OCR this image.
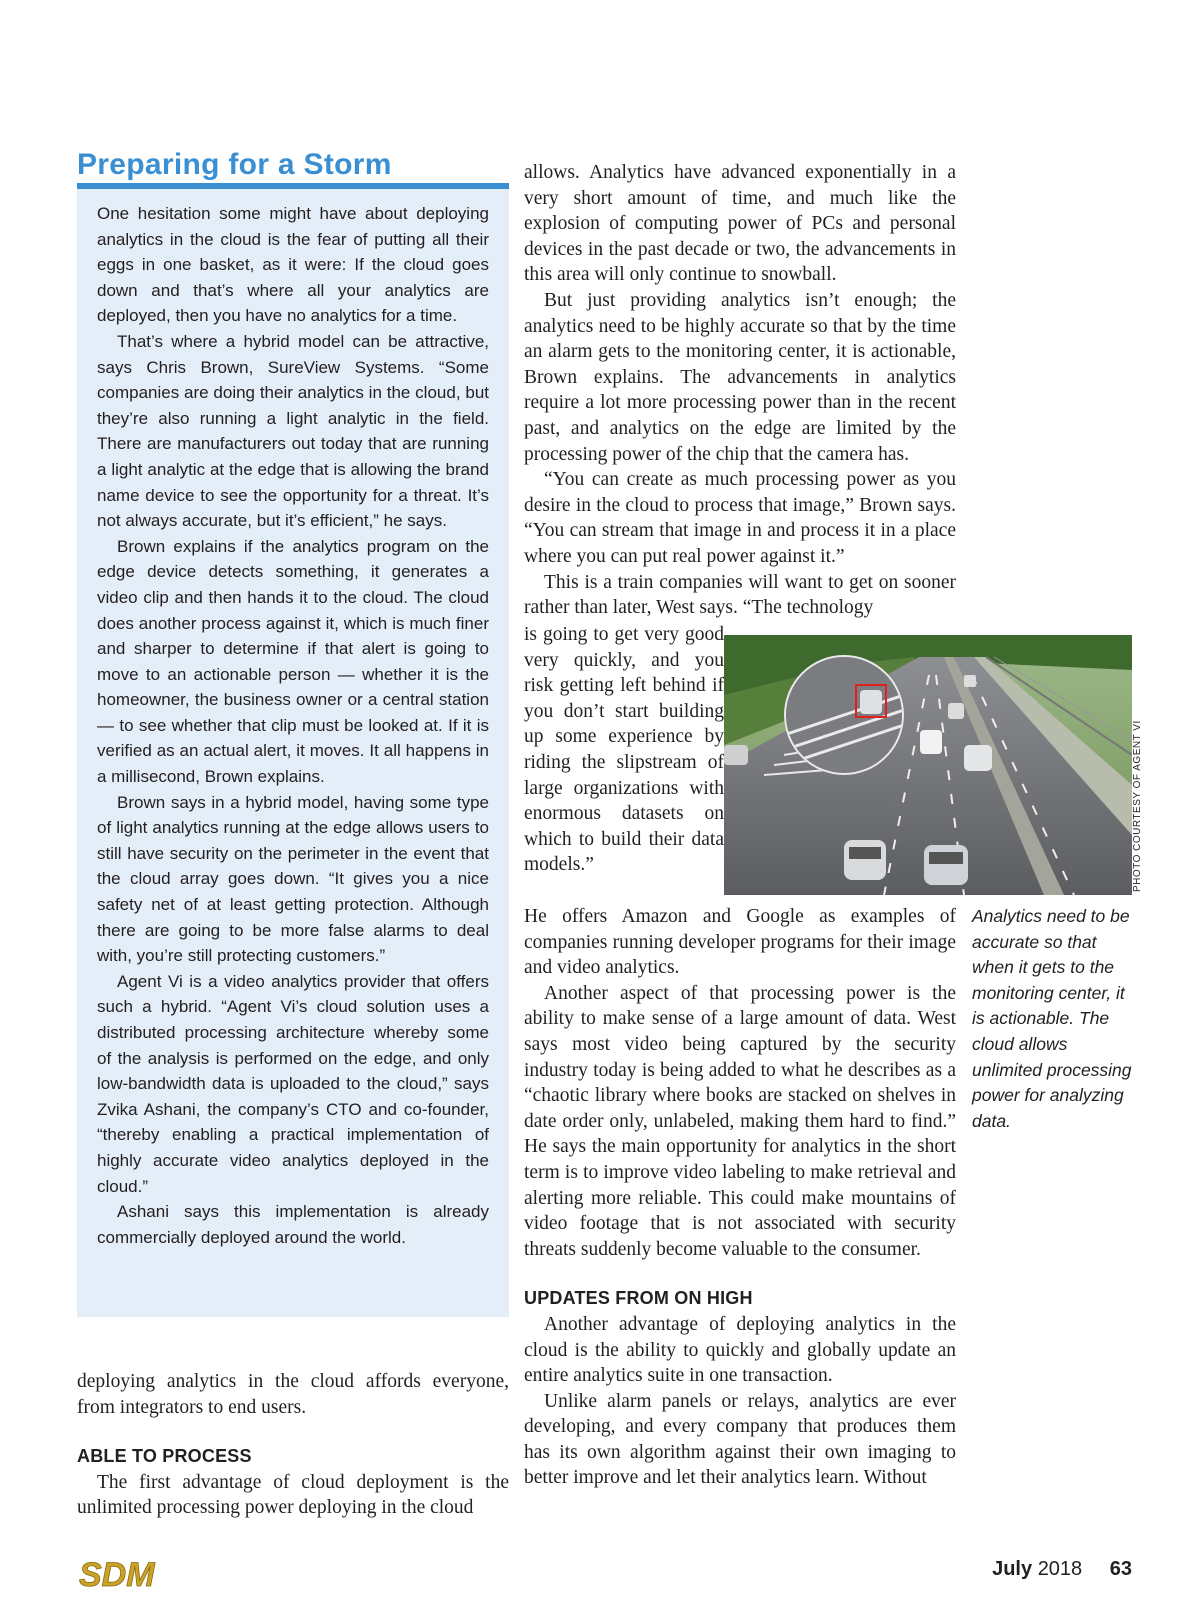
Preparing for a Storm

One hesitation some might have about deploying analytics in the cloud is the fear of putting all their eggs in one basket, as it were: If the cloud goes down and that’s where all your analytics are deployed, then you have no analytics for a time.

That’s where a hybrid model can be attractive, says Chris Brown, SureView Systems. “Some companies are doing their analytics in the cloud, but they’re also running a light analytic in the field. There are manufacturers out today that are running a light analytic at the edge that is allowing the brand name device to see the opportunity for a threat. It’s not always accurate, but it’s efficient,” he says.

Brown explains if the analytics program on the edge device detects something, it generates a video clip and then hands it to the cloud. The cloud does another process against it, which is much finer and sharper to determine if that alert is going to move to an actionable person — whether it is the homeowner, the business owner or a central station — to see whether that clip must be looked at. If it is verified as an actual alert, it moves. It all happens in a millisecond, Brown explains.

Brown says in a hybrid model, having some type of light analytics running at the edge allows users to still have security on the perimeter in the event that the cloud array goes down. “It gives you a nice safety net of at least getting protection. Although there are going to be more false alarms to deal with, you’re still protecting customers.”

Agent Vi is a video analytics provider that offers such a hybrid. “Agent Vi’s cloud solution uses a distributed processing architecture whereby some of the analysis is performed on the edge, and only low-bandwidth data is uploaded to the cloud,” says Zvika Ashani, the company’s CTO and co-founder, “thereby enabling a practical implementation of highly accurate video analytics deployed in the cloud.”

Ashani says this implementation is already commercially deployed around the world.

deploying analytics in the cloud affords everyone, from integrators to end users.

ABLE TO PROCESS

The first advantage of cloud deployment is the unlimited processing power deploying in the cloud

allows. Analytics have advanced exponentially in a very short amount of time, and much like the explosion of computing power of PCs and personal devices in the past decade or two, the advancements in this area will only continue to snowball.

But just providing analytics isn’t enough; the analytics need to be highly accurate so that by the time an alarm gets to the monitoring center, it is actionable, Brown explains. The advancements in analytics require a lot more processing power than in the recent past, and analytics on the edge are limited by the processing power of the chip that the camera has.

“You can create as much processing power as you desire in the cloud to process that image,” Brown says. “You can stream that image in and process it in a place where you can put real power against it.”

This is a train companies will want to get on sooner rather than later, West says. “The technology

is going to get very good very quickly, and you risk getting left behind if you don’t start building up some experience by riding the slipstream of large organizations with enormous datasets on which to build their data models.”	PHOTO COURTESY OF AGENT VI

He offers Amazon and Google as examples of companies running developer programs for their image and video analytics.

Another aspect of that processing power is the ability to make sense of a large amount of data. West says most video being captured by the security industry today is being added to what he describes as a “chaotic library where books are stacked on shelves in date order only, unlabeled, making them hard to find.” He says the main opportunity for analytics in the short term is to improve video labeling to make retrieval and alerting more reliable. This could make mountains of video footage that is not associated with security threats suddenly become valuable to the consumer.

UPDATES FROM ON HIGH

Another advantage of deploying analytics in the cloud is the ability to quickly and globally update an entire analytics suite in one transaction.

Unlike alarm panels or relays, analytics are ever developing, and every company that produces them has its own algorithm against their own imaging to better improve and let their analytics learn. Without

Analytics need to be accurate so that when it gets to the monitoring center, it is actionable. The cloud allows unlimited processing power for analyzing data.
SDM	July 2018 63
